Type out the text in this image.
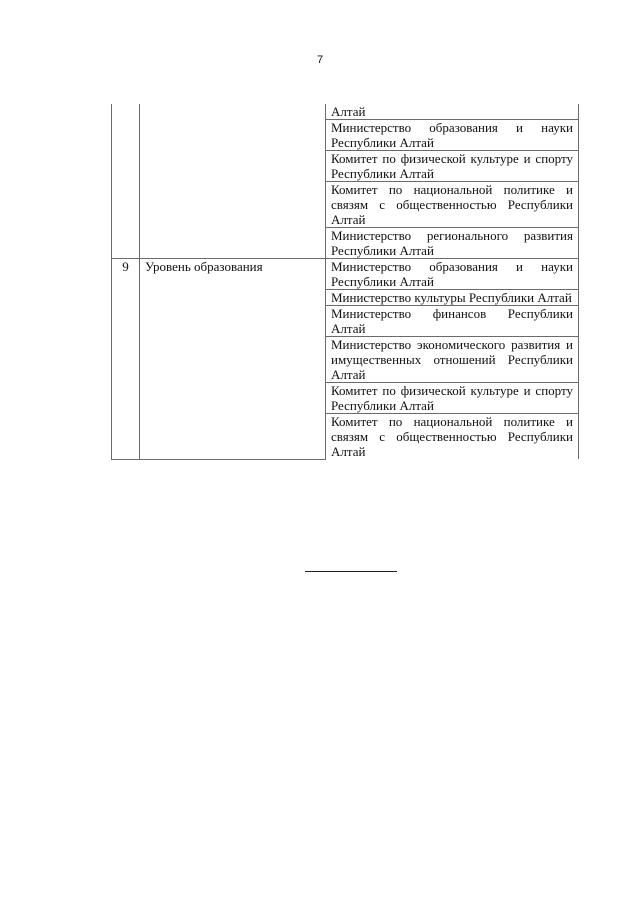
7
		Алтай
		Министерство образования и науки Республики Алтай
		Комитет по физической культуре и спорту Республики Алтай
		Комитет по национальной политике и связям с общественностью Республики Алтай
		Министерство регионального развития Республики Алтай
9	Уровень образования	Министерство образования и науки Республики Алтай
		Министерство культуры Республики Алтай
		Министерство финансов Республики Алтай
		Министерство экономического развития и имущественных отношений Республики Алтай
		Комитет по физической культуре и спорту Республики Алтай
		Комитет по национальной политике и связям с общественностью Республики Алтай
